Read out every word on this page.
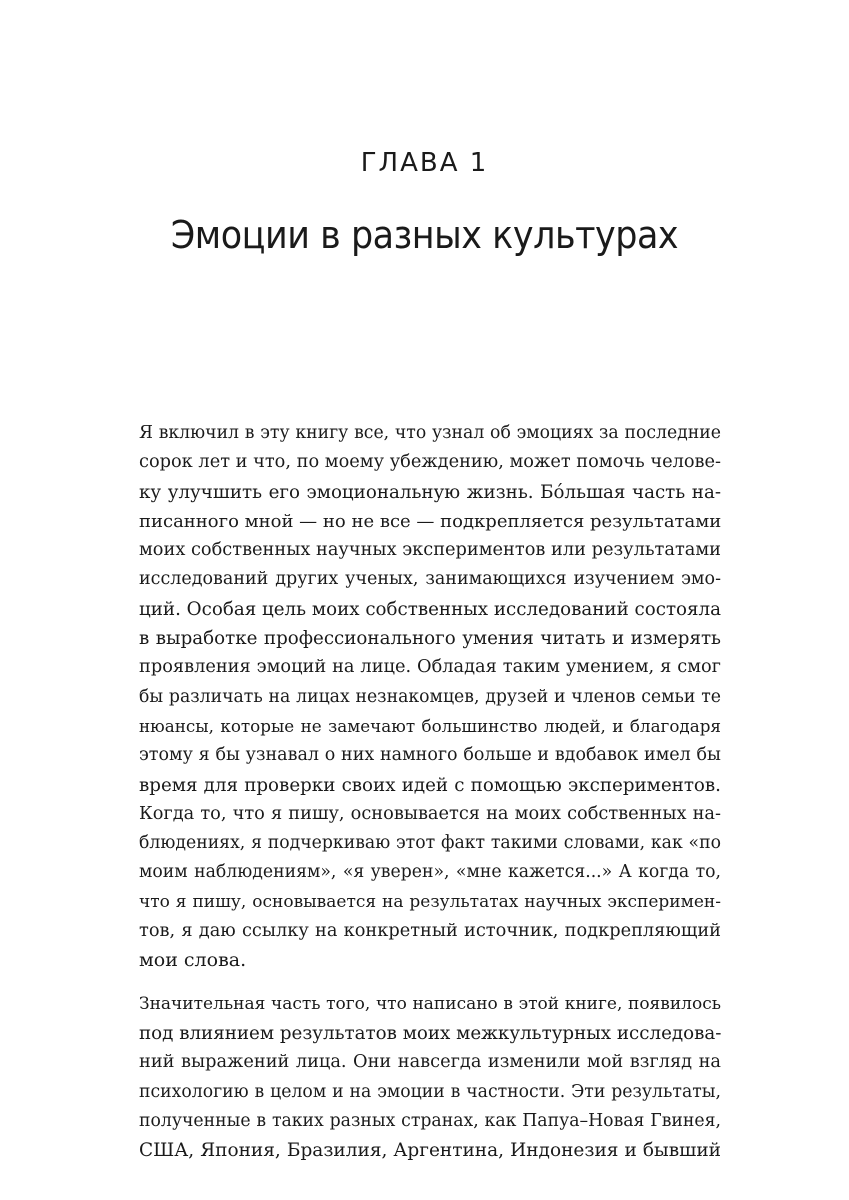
ГЛАВА 1
Эмоции в разных культурах

Я включил в эту книгу все, что узнал об эмоциях за последние
сорок лет и что, по моему убеждению, может помочь челове-
ку улучшить его эмоциональную жизнь. Бóльшая часть на-
писанного мной — но не все — подкрепляется результатами
моих собственных научных экспериментов или результатами
исследований других ученых, занимающихся изучением эмо-
ций. Особая цель моих собственных исследований состояла
в выработке профессионального умения читать и измерять
проявления эмоций на лице. Обладая таким умением, я смог
бы различать на лицах незнакомцев, друзей и членов семьи те
нюансы, которые не замечают большинство людей, и благодаря
этому я бы узнавал о них намного больше и вдобавок имел бы
время для проверки своих идей с помощью экспериментов.
Когда то, что я пишу, основывается на моих собственных на-
блюдениях, я подчеркиваю этот факт такими словами, как «по
моим наблюдениям», «я уверен», «мне кажется...» А когда то,
что я пишу, основывается на результатах научных эксперимен-
тов, я даю ссылку на конкретный источник, подкрепляющий
мои слова.

Значительная часть того, что написано в этой книге, появилось
под влиянием результатов моих межкультурных исследова-
ний выражений лица. Они навсегда изменили мой взгляд на
психологию в целом и на эмоции в частности. Эти результаты,
полученные в таких разных странах, как Папуа–Новая Гвинея,
США, Япония, Бразилия, Аргентина, Индонезия и бывший
